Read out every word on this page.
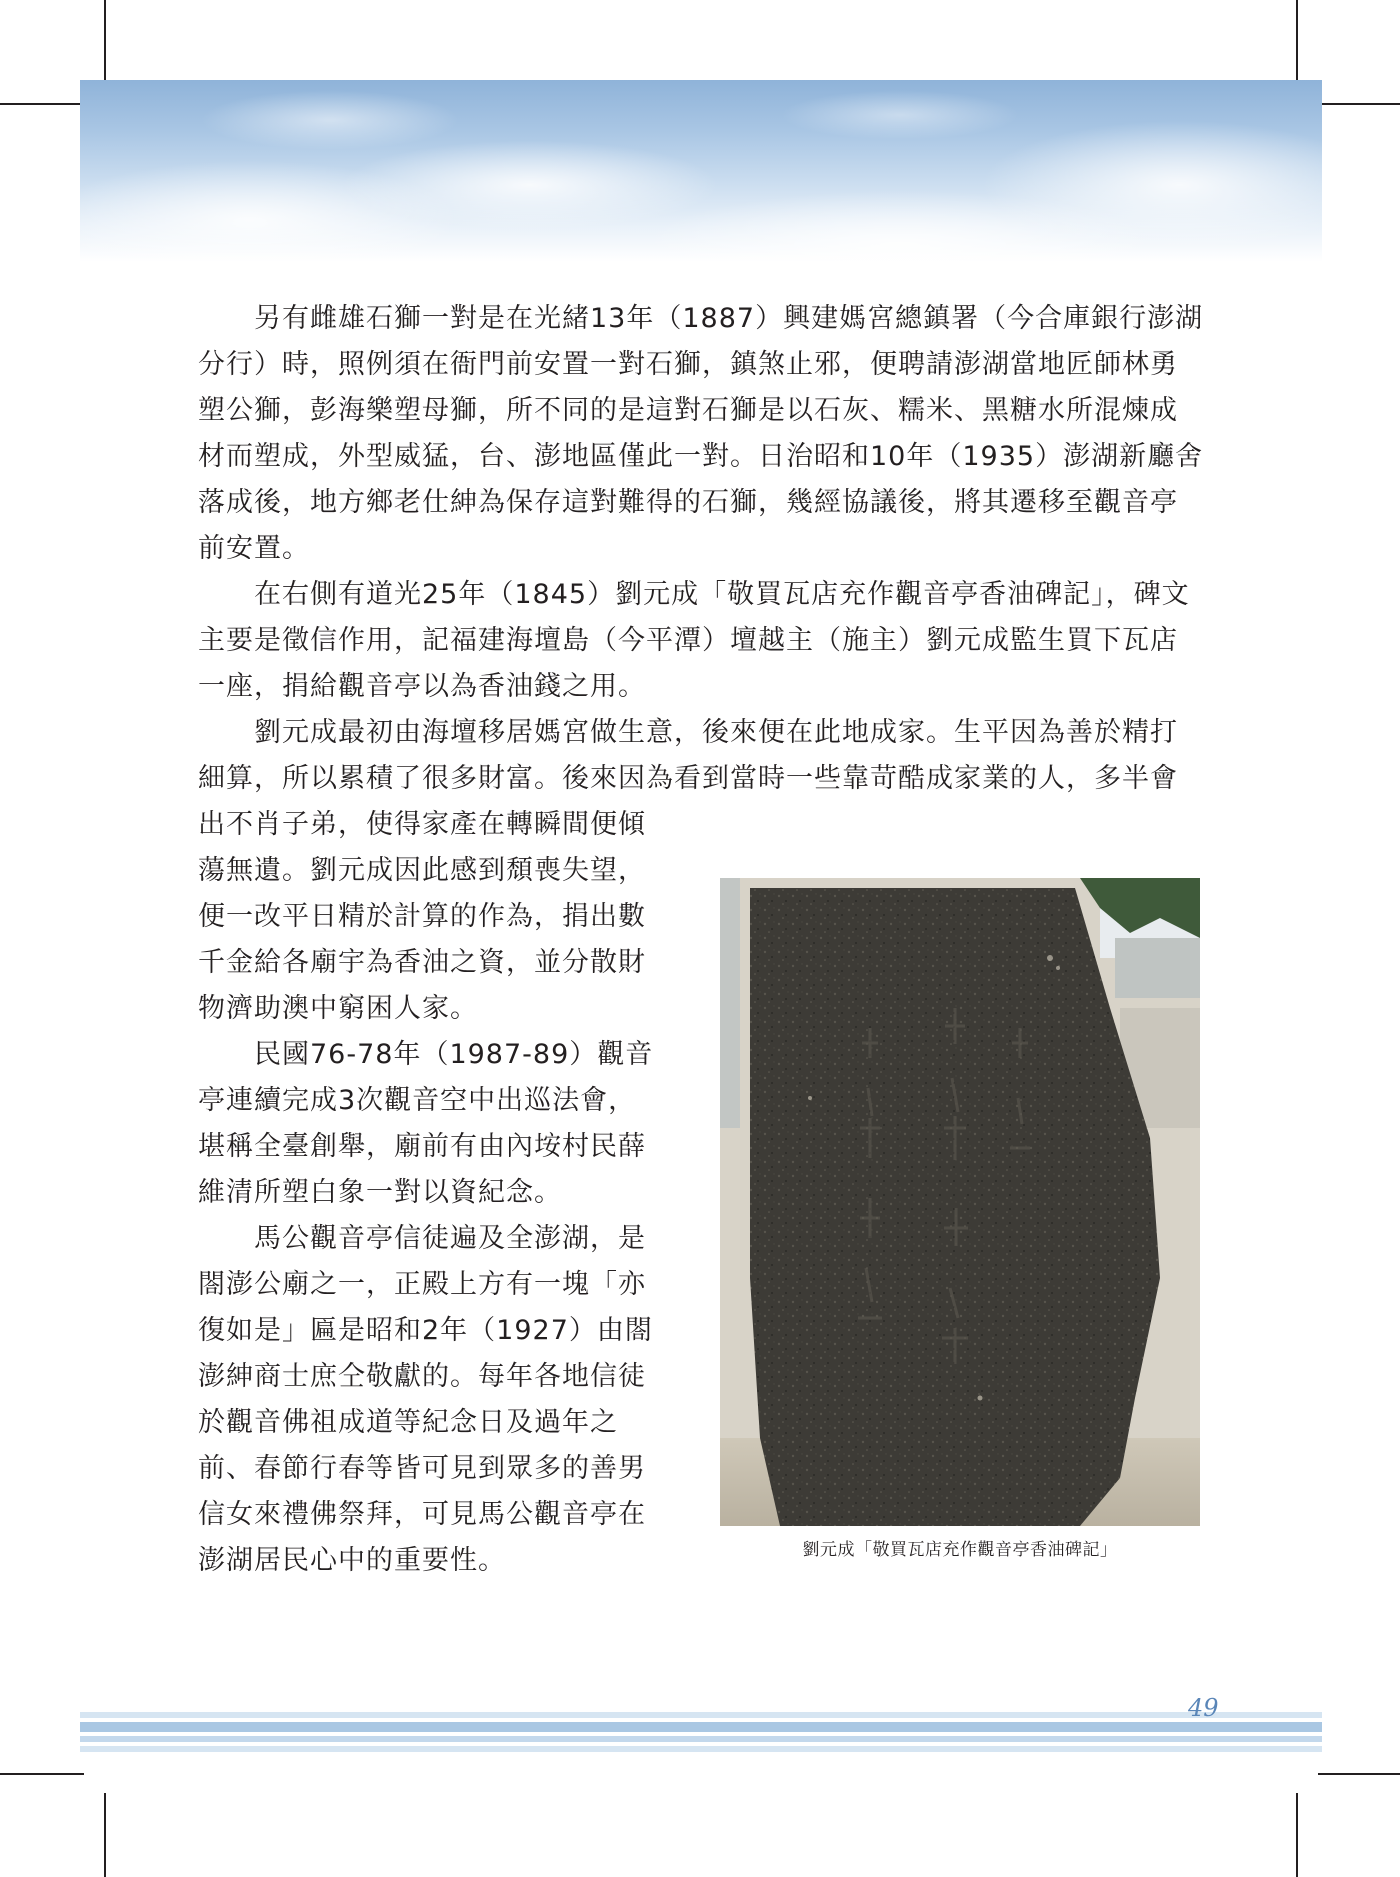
另有雌雄石獅一對是在光緒13年（1887）興建媽宮總鎮署（今合庫銀行澎湖
分行）時，照例須在衙門前安置一對石獅，鎮煞止邪，便聘請澎湖當地匠師林勇
塑公獅，彭海樂塑母獅，所不同的是這對石獅是以石灰、糯米、黑糖水所混煉成
材而塑成，外型威猛，台、澎地區僅此一對。日治昭和10年（1935）澎湖新廳舍
落成後，地方鄉老仕紳為保存這對難得的石獅，幾經協議後，將其遷移至觀音亭
前安置。
在右側有道光25年（1845）劉元成「敬買瓦店充作觀音亭香油碑記」，碑文
主要是徵信作用，記福建海壇島（今平潭）壇越主（施主）劉元成監生買下瓦店
一座，捐給觀音亭以為香油錢之用。
劉元成最初由海壇移居媽宮做生意，後來便在此地成家。生平因為善於精打
細算，所以累積了很多財富。後來因為看到當時一些靠苛酷成家業的人，多半會
出不肖子弟，使得家產在轉瞬間便傾
蕩無遺。劉元成因此感到頹喪失望，
便一改平日精於計算的作為，捐出數
千金給各廟宇為香油之資，並分散財
物濟助澳中窮困人家。
民國76-78年（1987-89）觀音
亭連續完成3次觀音空中出巡法會，
堪稱全臺創舉，廟前有由內垵村民薛
維清所塑白象一對以資紀念。
馬公觀音亭信徒遍及全澎湖，是
閤澎公廟之一，正殿上方有一塊「亦
復如是」匾是昭和2年（1927）由閤
澎紳商士庶仝敬獻的。每年各地信徒
於觀音佛祖成道等紀念日及過年之
前、春節行春等皆可見到眾多的善男
信女來禮佛祭拜，可見馬公觀音亭在
澎湖居民心中的重要性。	劉元成「敬買瓦店充作觀音亭香油碑記」

49
